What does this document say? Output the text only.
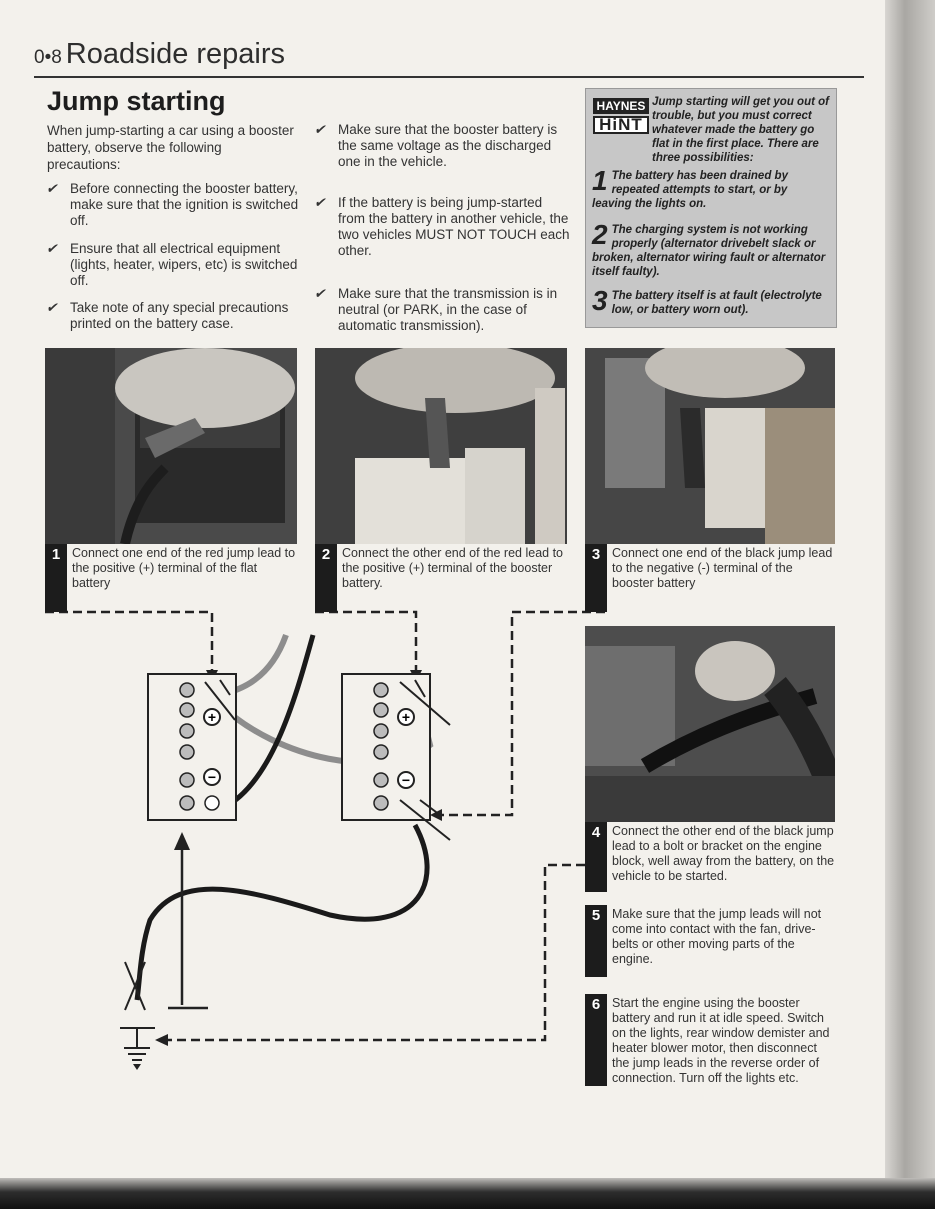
0•8 Roadside repairs
Jump starting
When jump-starting a car using a booster battery, observe the following precautions:
✔ Before connecting the booster battery, make sure that the ignition is switched off.
✔ Ensure that all electrical equipment (lights, heater, wipers, etc) is switched off.
✔ Take note of any special precautions printed on the battery case.
✔ Make sure that the booster battery is the same voltage as the discharged one in the vehicle.
✔ If the battery is being jump-started from the battery in another vehicle, the two vehicles MUST NOT TOUCH each other.
✔ Make sure that the transmission is in neutral (or PARK, in the case of automatic transmission).
HAYNES
HiNT
Jump starting will get you out of trouble, but you must correct whatever made the battery go flat in the first place. There are three possibilities:
1 The battery has been drained by repeated attempts to start, or by leaving the lights on.
2 The charging system is not working properly (alternator drivebelt slack or broken, alternator wiring fault or alternator itself faulty).
3 The battery itself is at fault (electrolyte low, or battery worn out).
+
−
+
−
1 Connect one end of the red jump lead to the positive (+) terminal of the flat battery
2 Connect the other end of the red lead to the positive (+) terminal of the booster battery.
3 Connect one end of the black jump lead to the negative (-) terminal of the booster battery
4 Connect the other end of the black jump lead to a bolt or bracket on the engine block, well away from the battery, on the vehicle to be started.
5 Make sure that the jump leads will not come into contact with the fan, drive-belts or other moving parts of the engine.
6 Start the engine using the booster battery and run it at idle speed. Switch on the lights, rear window demister and heater blower motor, then disconnect the jump leads in the reverse order of connection. Turn off the lights etc.
